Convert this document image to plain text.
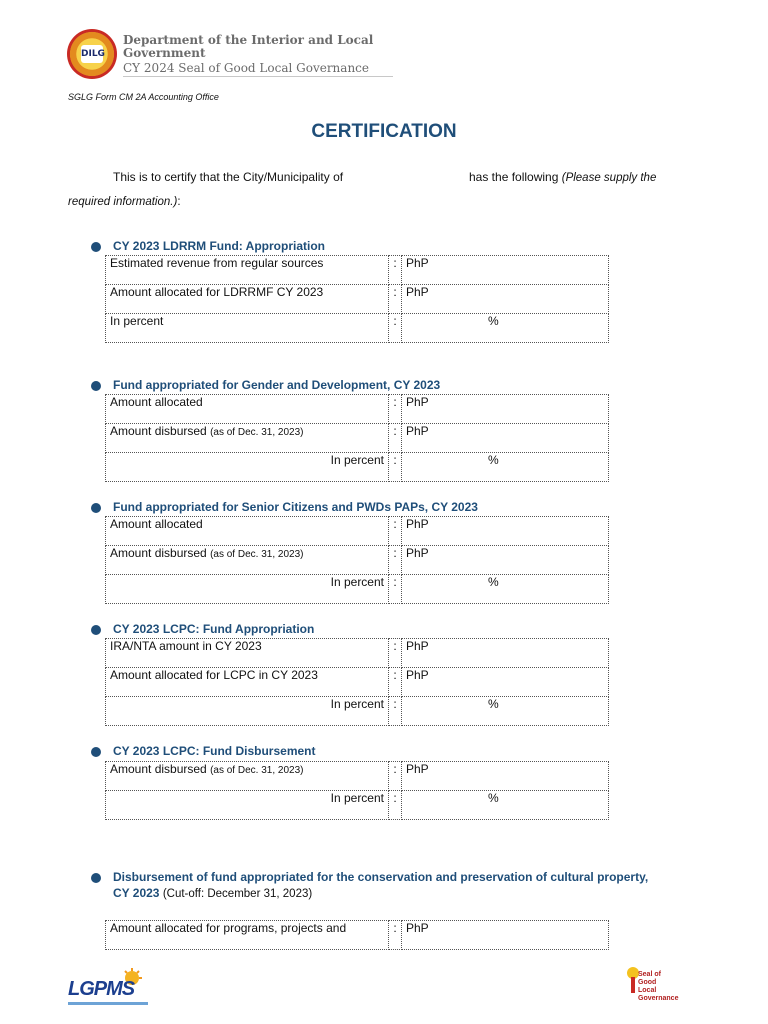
DILG
Department of the Interior and Local Government
CY 2024 Seal of Good Local Governance
SGLG Form CM 2A Accounting Office
CERTIFICATION
This is to certify that the City/Municipality of	has the following (Please supply the
required information.):
CY 2023 LDRRM Fund: Appropriation
Estimated revenue from regular sources	:	PhP
Amount allocated for LDRRMF CY 2023	:	PhP
In percent	:	%
Fund appropriated for Gender and Development, CY 2023
Amount allocated	:	PhP
Amount disbursed (as of Dec. 31, 2023)	:	PhP
In percent	:	%
Fund appropriated for Senior Citizens and PWDs PAPs, CY 2023
Amount allocated	:	PhP
Amount disbursed (as of Dec. 31, 2023)	:	PhP
In percent	:	%
CY 2023 LCPC: Fund Appropriation
IRA/NTA amount in CY 2023	:	PhP
Amount allocated for LCPC in CY 2023	:	PhP
In percent	:	%
CY 2023 LCPC: Fund Disbursement
Amount disbursed (as of Dec. 31, 2023)	:	PhP
In percent	:	%
Disbursement of fund appropriated for the conservation and preservation of cultural property,
CY 2023 (Cut-off: December 31, 2023)
Amount allocated for programs, projects and	:	PhP
LGPMS
Seal of
Good
Local
Governance
